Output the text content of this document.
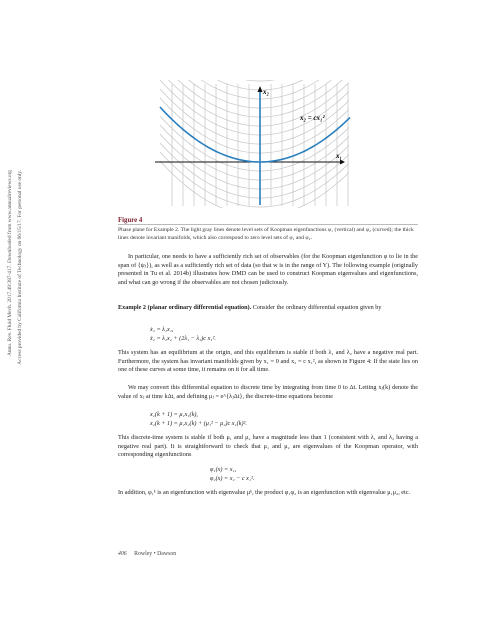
Annu. Rev. Fluid Mech. 2017.49:387-417. Downloaded from www.annualreviews.org Access provided by California Institute of Technology on 06/15/17. For personal use only.
x₂
x₁
x₂ = cx₁²
Figure 4
Phase plane for Example 2. The light gray lines denote level sets of Koopman eigenfunctions φ₁ (vertical) and φ₂ (curved); the thick lines denote invariant manifolds, which also correspond to zero level sets of φ₁ and φ₂.
In particular, one needs to have a sufficiently rich set of observables (for the Koopman eigenfunction φ to lie in the span of {ψⱼ}), as well as a sufficiently rich set of data (so that w is in the range of Y). The following example (originally presented in Tu et al. 2014b) illustrates how DMD can be used to construct Koopman eigenvalues and eigenfunctions, and what can go wrong if the observables are not chosen judiciously.
Example 2 (planar ordinary differential equation). Consider the ordinary differential equation given by
ẋ₁ = λ₁x₁,
ẋ₂ = λ₂x₂ + (2λ₁ − λ₂)c x₁².
This system has an equilibrium at the origin, and this equilibrium is stable if both λ₁ and λ₂ have a negative real part. Furthermore, the system has invariant manifolds given by x₁ = 0 and x₂ = c x₁², as shown in Figure 4: If the state lies on one of these curves at some time, it remains on it for all time.
We may convert this differential equation to discrete time by integrating from time 0 to Δt. Letting xⱼ(k) denote the value of xⱼ at time kΔt, and defining μⱼ = e^{λⱼΔt}, the discrete-time equations become
x₁(k + 1) = μ₁x₁(k),
x₂(k + 1) = μ₂x₂(k) + (μ₁² − μ₂)c x₁(k)².
This discrete-time system is stable if both μ₁ and μ₂ have a magnitude less than 1 (consistent with λ₁ and λ₂ having a negative real part). It is straightforward to check that μ₁ and μ₂ are eigenvalues of the Koopman operator, with corresponding eigenfunctions
φ₁(x) = x₁,
φ₂(x) = x₂ − c x₁².
In addition, φ₁ᵏ is an eigenfunction with eigenvalue μᵏ, the product φ₁φ₂ is an eigenfunction with eigenvalue μ₁μ₂, etc.
406 Rowley • Dawson
